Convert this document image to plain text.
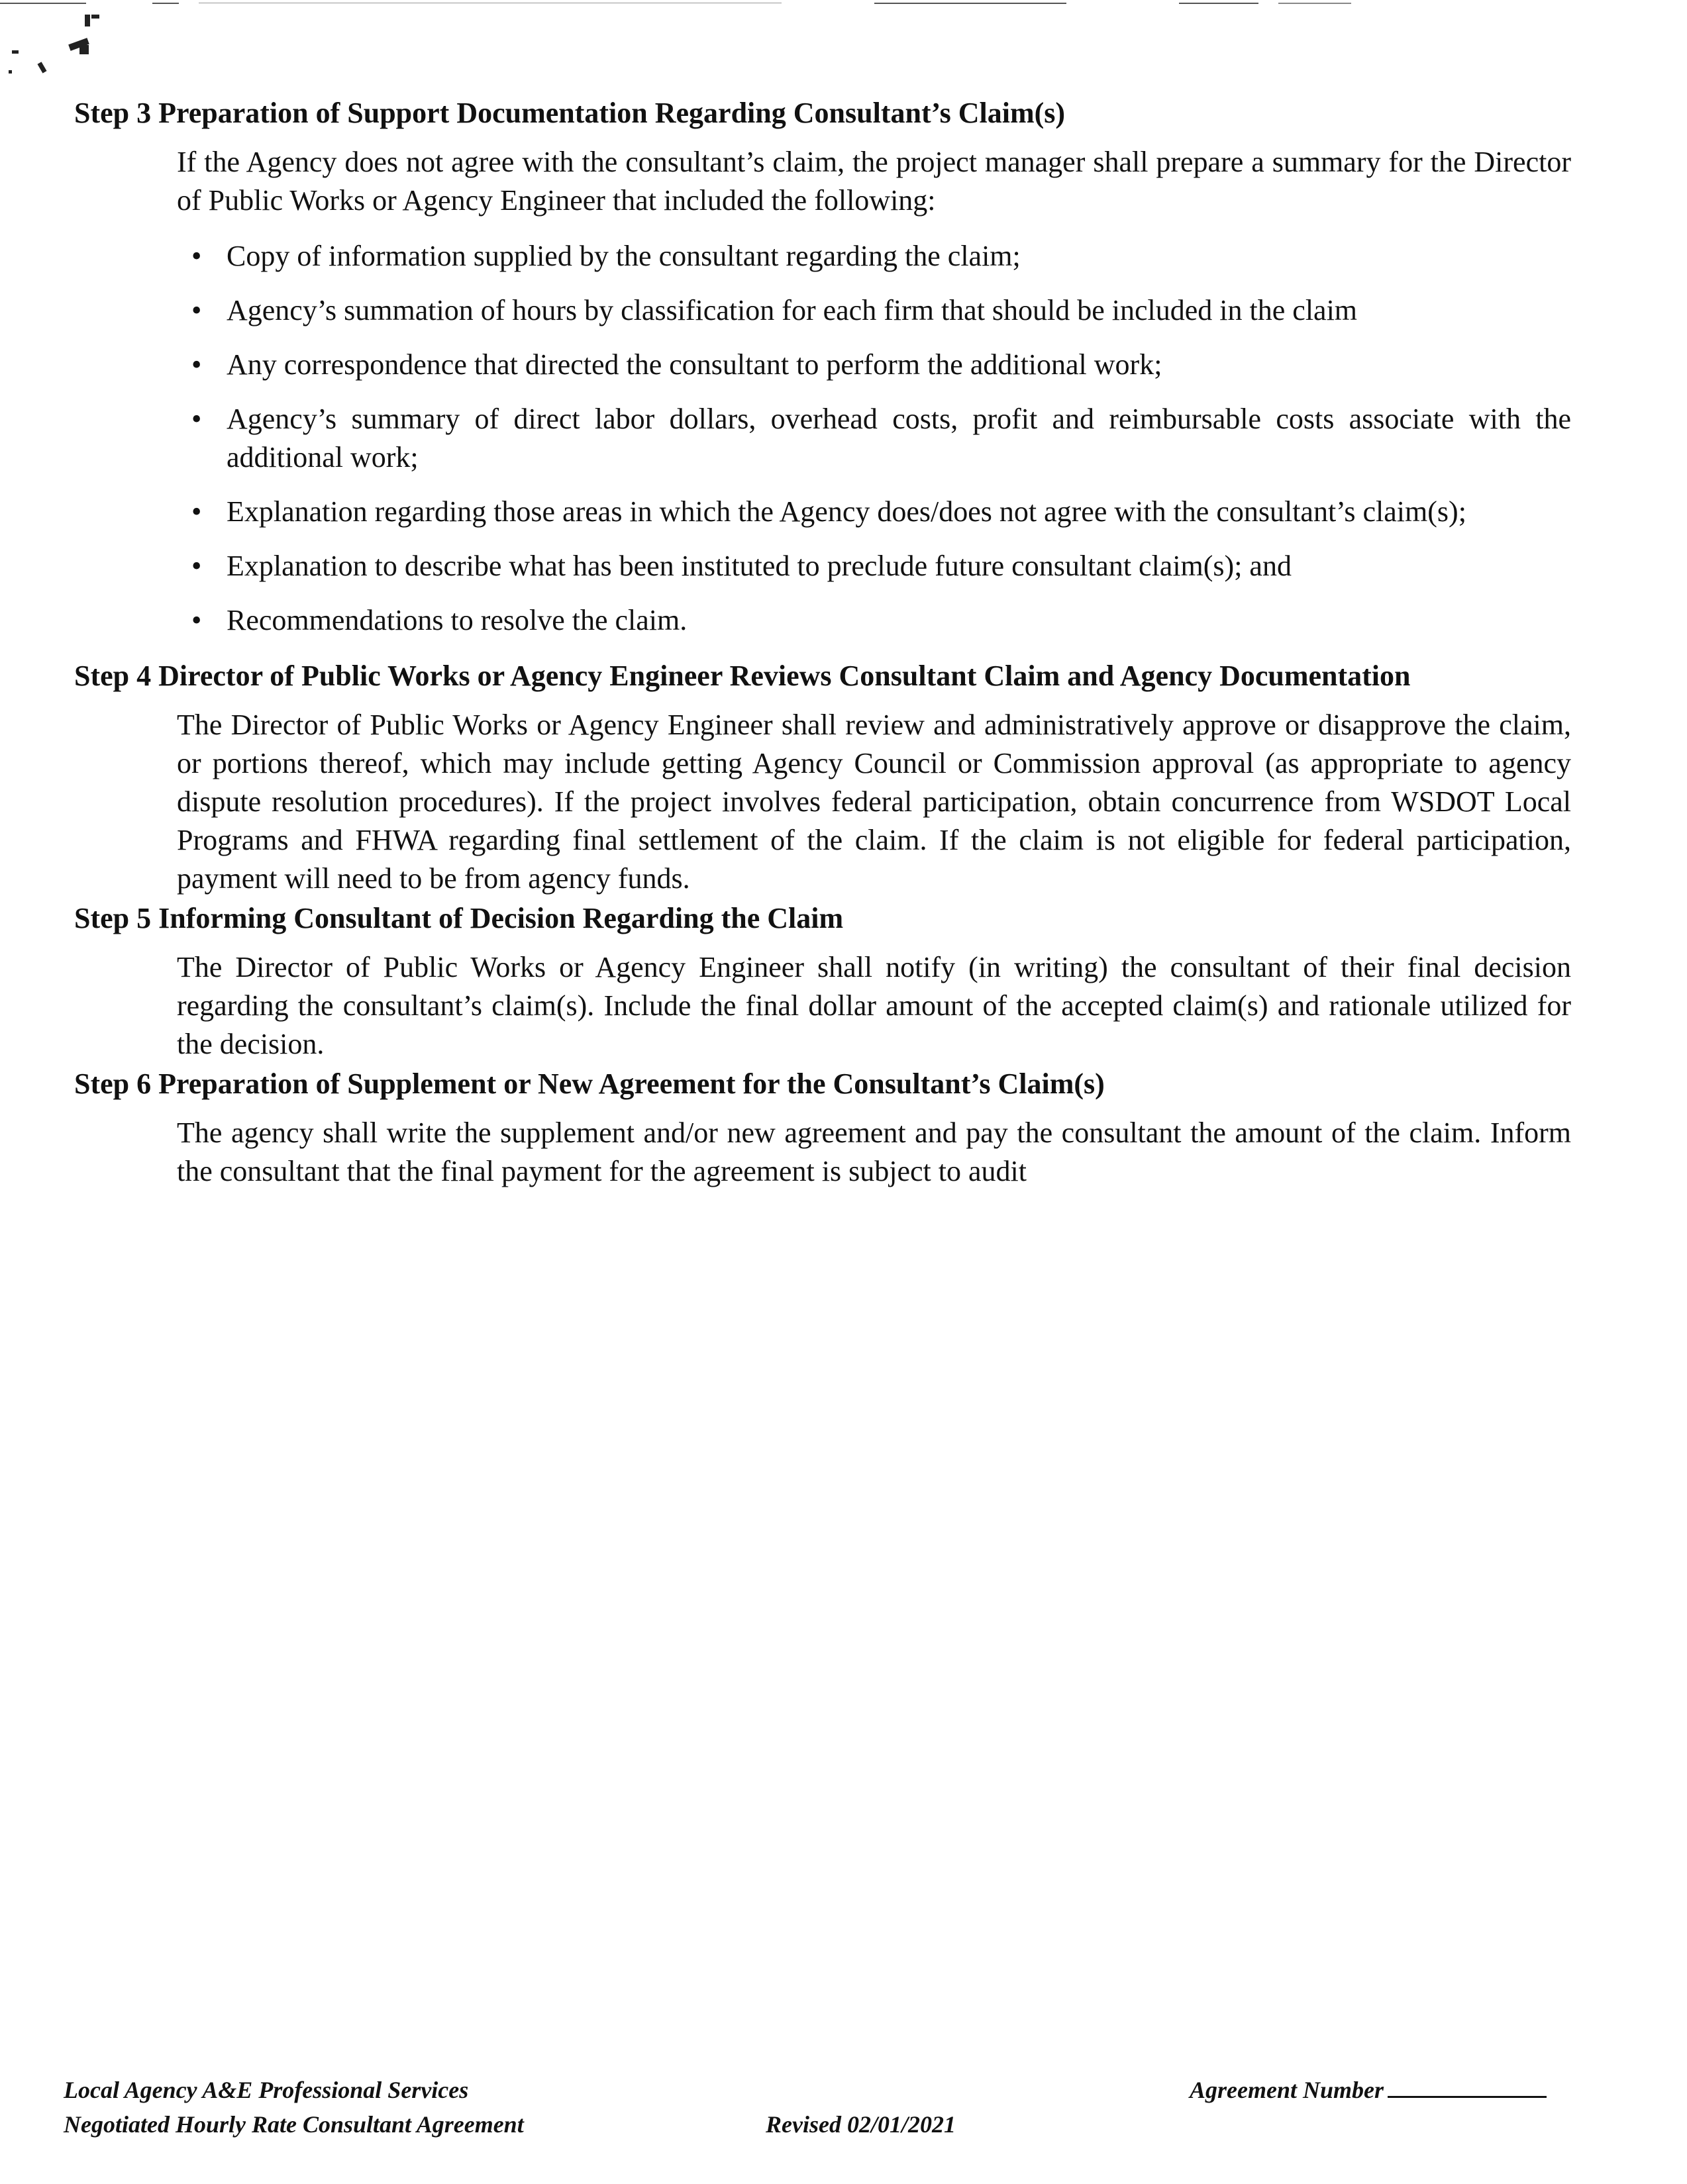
Step 3 Preparation of Support Documentation Regarding Consultant’s Claim(s)

If the Agency does not agree with the consultant’s claim, the project manager shall prepare a summary for the Director of Public Works or Agency Engineer that included the following:

• Copy of information supplied by the consultant regarding the claim;
• Agency’s summation of hours by classification for each firm that should be included in the claim
• Any correspondence that directed the consultant to perform the additional work;
• Agency’s summary of direct labor dollars, overhead costs, profit and reimbursable costs associate with the additional work;
• Explanation regarding those areas in which the Agency does/does not agree with the consultant’s claim(s);
• Explanation to describe what has been instituted to preclude future consultant claim(s); and
• Recommendations to resolve the claim.
Step 4 Director of Public Works or Agency Engineer Reviews Consultant Claim and Agency Documentation

The Director of Public Works or Agency Engineer shall review and administratively approve or disapprove the claim, or portions thereof, which may include getting Agency Council or Commission approval (as appropriate to agency dispute resolution procedures). If the project involves federal participation, obtain concurrence from WSDOT Local Programs and FHWA regarding final settlement of the claim. If the claim is not eligible for federal participation, payment will need to be from agency funds.

Step 5 Informing Consultant of Decision Regarding the Claim

The Director of Public Works or Agency Engineer shall notify (in writing) the consultant of their final decision regarding the consultant’s claim(s). Include the final dollar amount of the accepted claim(s) and rationale utilized for the decision.

Step 6 Preparation of Supplement or New Agreement for the Consultant’s Claim(s)

The agency shall write the supplement and/or new agreement and pay the consultant the amount of the claim. Inform the consultant that the final payment for the agreement is subject to audit

Local Agency A&E Professional Services
Negotiated Hourly Rate Consultant Agreement	Revised 02/01/2021
Agreement Number
